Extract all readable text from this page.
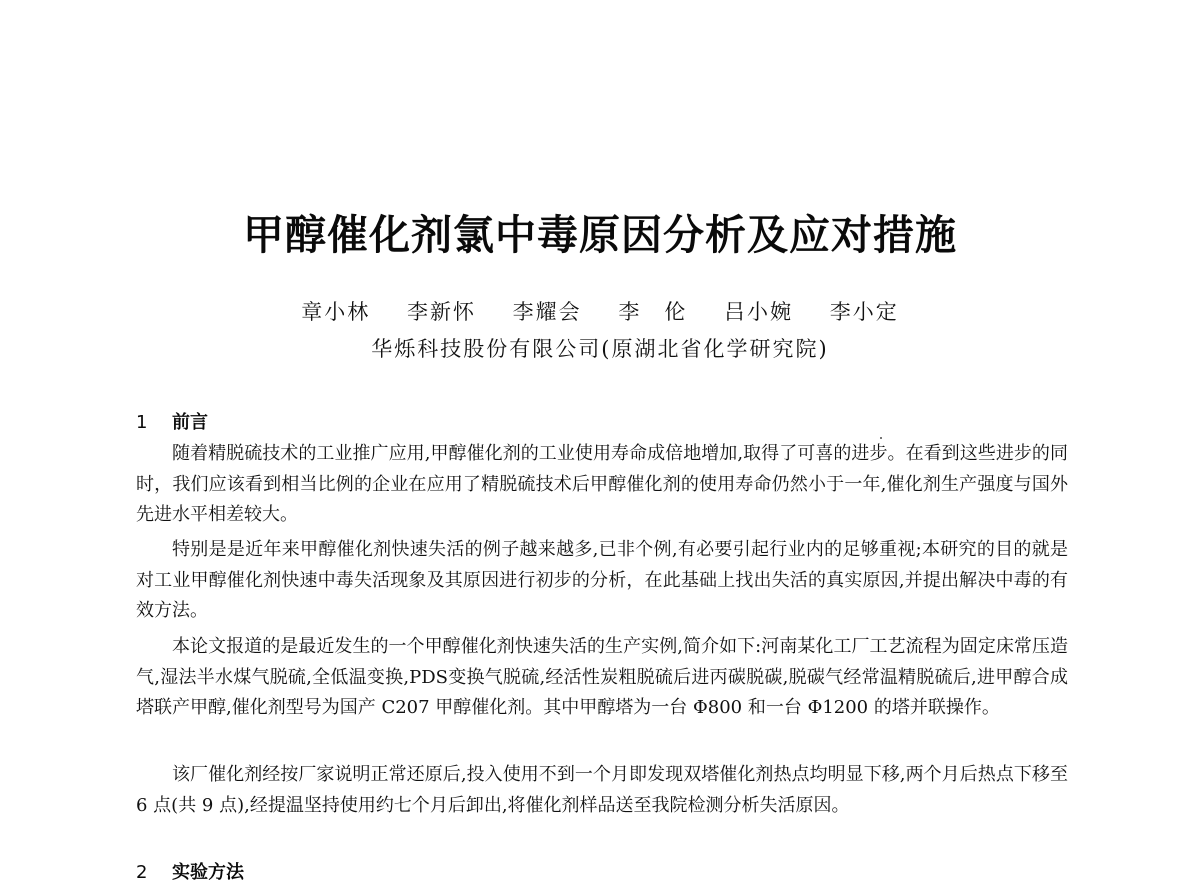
甲醇催化剂氯中毒原因分析及应对措施
章小林 李新怀 李耀会 李　伦 吕小婉 李小定
华烁科技股份有限公司(原湖北省化学研究院)
1 前言

随着精脱硫技术的工业推广应用,甲醇催化剂的工业使用寿命成倍地增加,取得了可喜的进步。在看到这些进步的同时，我们应该看到相当比例的企业在应用了精脱硫技术后甲醇催化剂的使用寿命仍然小于一年,催化剂生产强度与国外先进水平相差较大。

特别是是近年来甲醇催化剂快速失活的例子越来越多,已非个例,有必要引起行业内的足够重视;本研究的目的就是对工业甲醇催化剂快速中毒失活现象及其原因进行初步的分析，在此基础上找出失活的真实原因,并提出解决中毒的有效方法。

本论文报道的是最近发生的一个甲醇催化剂快速失活的生产实例,简介如下:河南某化工厂工艺流程为固定床常压造气,湿法半水煤气脱硫,全低温变换,PDS变换气脱硫,经活性炭粗脱硫后进丙碳脱碳,脱碳气经常温精脱硫后,进甲醇合成塔联产甲醇,催化剂型号为国产 C207 甲醇催化剂。其中甲醇塔为一台 Φ800 和一台 Φ1200 的塔并联操作。

该厂催化剂经按厂家说明正常还原后,投入使用不到一个月即发现双塔催化剂热点均明显下移,两个月后热点下移至 6 点(共 9 点),经提温坚持使用约七个月后卸出,将催化剂样品送至我院检测分析失活原因。

2 实验方法
